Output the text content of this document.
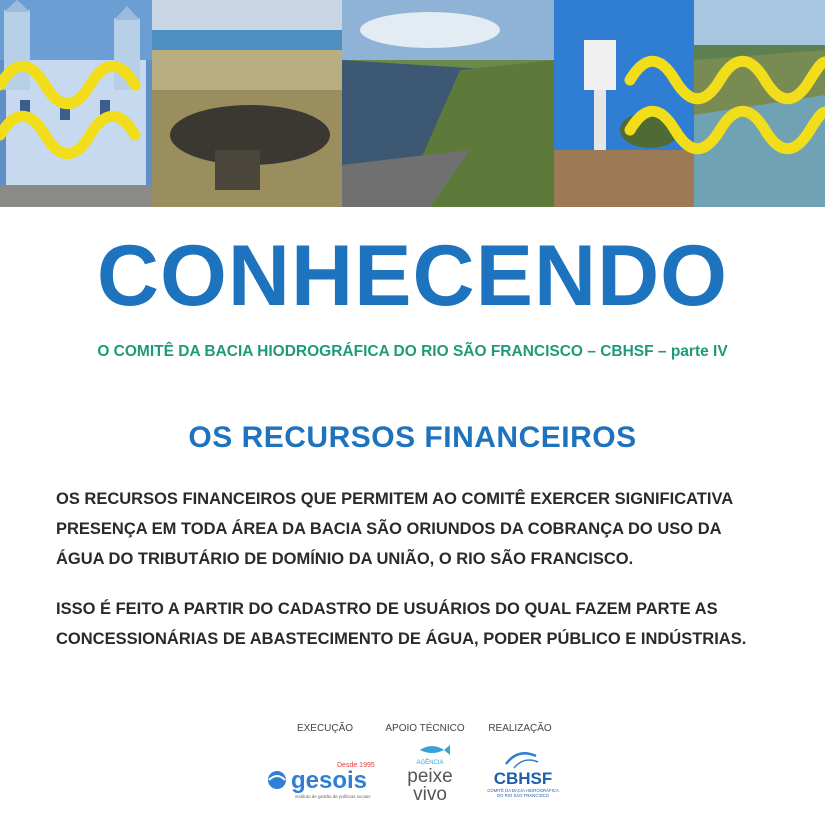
CONHECENDO
O COMITÊ DA BACIA HIODROGRÁFICA DO RIO SÃO FRANCISCO – CBHSF – parte IV
OS RECURSOS FINANCEIROS

OS RECURSOS FINANCEIROS QUE PERMITEM AO COMITÊ EXERCER SIGNIFICATIVA
PRESENÇA EM TODA ÁREA DA BACIA SÃO ORIUNDOS DA COBRANÇA DO USO DA
ÁGUA DO TRIBUTÁRIO DE DOMÍNIO DA UNIÃO, O RIO SÃO FRANCISCO.

ISSO É FEITO A PARTIR DO CADASTRO DE USUÁRIOS DO QUAL FAZEM PARTE AS
CONCESSIONÁRIAS DE ABASTECIMENTO DE ÁGUA, PODER PÚBLICO E INDÚSTRIAS.

EXECUÇÃO	APOIO TÉCNICO	REALIZAÇÃO
gesois
Desde 1995
instituto de gestão de políticas sociais
AGÊNCIA
peixe
vivo
CBHSF
COMITÊ DA BACIA HIDROGRÁFICA
DO RIO SÃO FRANCISCO
